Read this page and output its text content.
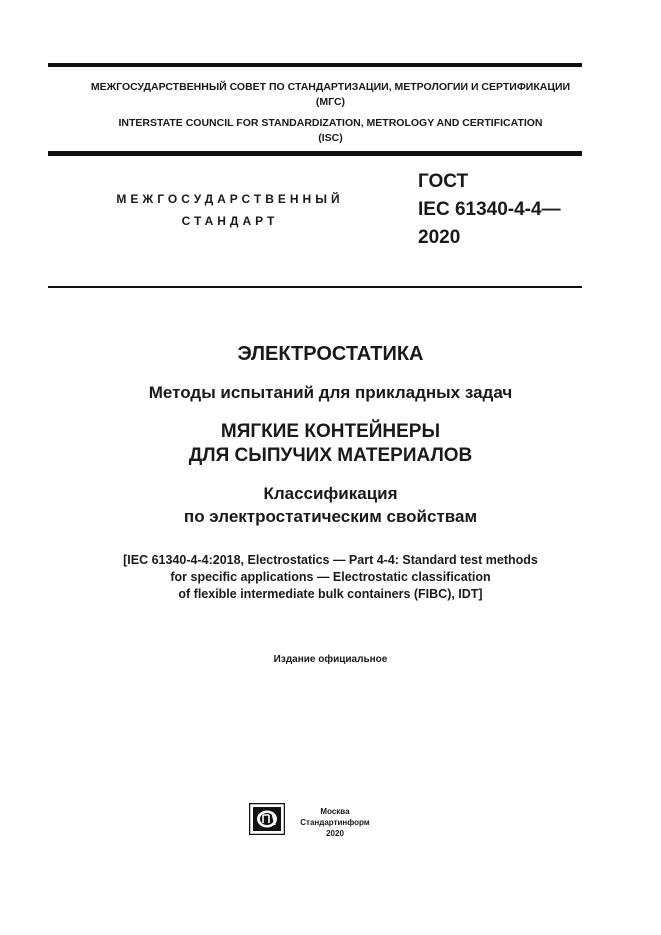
МЕЖГОСУДАРСТВЕННЫЙ СОВЕТ ПО СТАНДАРТИЗАЦИИ, МЕТРОЛОГИИ И СЕРТИФИКАЦИИ
(МГС)
INTERSTATE COUNCIL FOR STANDARDIZATION, METROLOGY AND CERTIFICATION
(ISC)
МЕЖГОСУДАРСТВЕННЫЙ
СТАНДАРТ
ГОСТ
IEC 61340-4-4—
2020
ЭЛЕКТРОСТАТИКА
Методы испытаний для прикладных задач
МЯГКИЕ КОНТЕЙНЕРЫ
ДЛЯ СЫПУЧИХ МАТЕРИАЛОВ
Классификация
по электростатическим свойствам
[IEC 61340-4-4:2018, Electrostatics — Part 4-4: Standard test methods
for specific applications — Electrostatic classification
of flexible intermediate bulk containers (FIBC), IDT]
Издание официальное
Москва
Стандартинформ
2020
